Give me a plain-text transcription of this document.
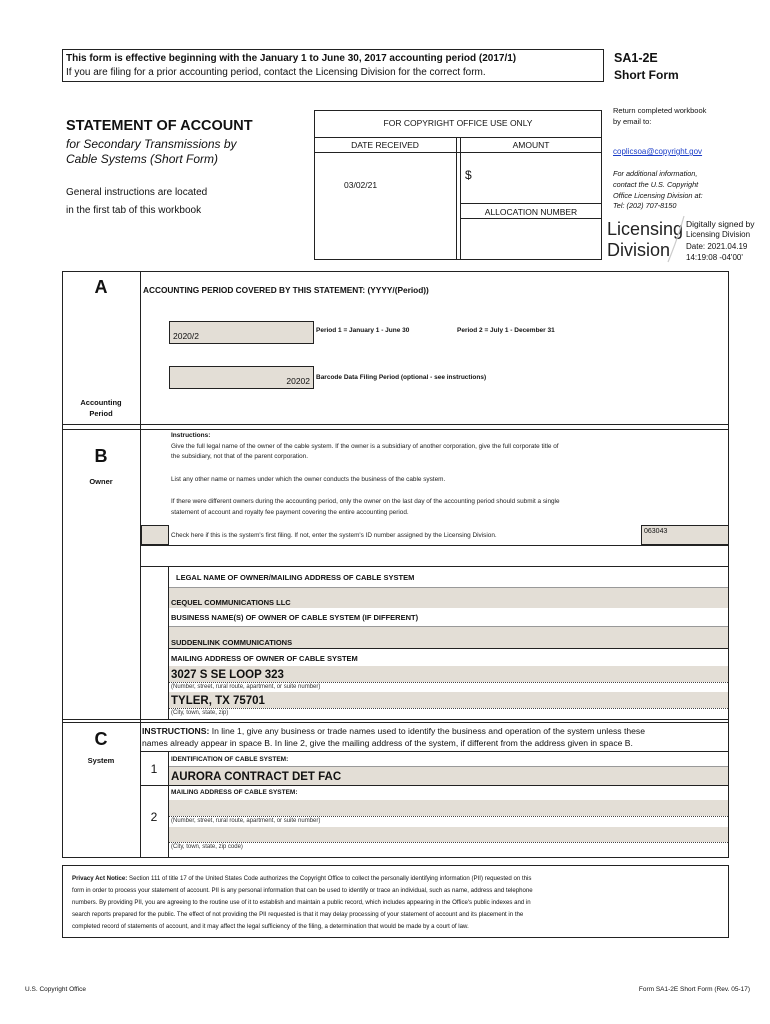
This form is effective beginning with the January 1 to June 30, 2017 accounting period (2017/1)
If you are filing for a prior accounting period, contact the Licensing Division for the correct form.
SA1-2E
Short Form
STATEMENT OF ACCOUNT
for Secondary Transmissions by
Cable Systems (Short Form)
General instructions are located
in the first tab of this workbook
FOR COPYRIGHT OFFICE USE ONLY
DATE RECEIVED	AMOUNT
03/02/21
$
ALLOCATION NUMBER
Return completed workbook
by email to:
coplicsoa@copyright.gov
For additional information,
contact the U.S. Copyright
Office Licensing Division at:
Tel: (202) 707-8150
Licensing
Division
Digitally signed by
Licensing Division
Date: 2021.04.19
14:19:08 -04'00'
A
Accounting
Period
ACCOUNTING PERIOD COVERED BY THIS STATEMENT: (YYYY/(Period))
2020/2
Period 1 = January 1 - June 30	Period 2 = July 1 - December 31
20202 Barcode Data Filing Period (optional - see instructions)
B
Owner
Instructions:
Give the full legal name of the owner of the cable system. If the owner is a subsidiary of another corporation, give the full corporate title of
the subsidiary, not that of the parent corporation.
List any other name or names under which the owner conducts the business of the cable system.
If there were different owners during the accounting period, only the owner on the last day of the accounting period should submit a single
statement of account and royalty fee payment covering the entire accounting period.
Check here if this is the system's first filing. If not, enter the system's ID number assigned by the Licensing Division.
063043
LEGAL NAME OF OWNER/MAILING ADDRESS OF CABLE SYSTEM
CEQUEL COMMUNICATIONS LLC
BUSINESS NAME(S) OF OWNER OF CABLE SYSTEM (IF DIFFERENT)
SUDDENLINK COMMUNICATIONS
MAILING ADDRESS OF OWNER OF CABLE SYSTEM
3027 S SE LOOP 323
(Number, street, rural route, apartment, or suite number)
TYLER, TX 75701
(City, town, state, zip)
C
System
INSTRUCTIONS: In line 1, give any business or trade names used to identify the business and operation of the system unless these
names already appear in space B. In line 2, give the mailing address of the system, if different from the address given in space B.
1
IDENTIFICATION OF CABLE SYSTEM:
AURORA CONTRACT DET FAC
MAILING ADDRESS OF CABLE SYSTEM:
2	(Number, street, rural route, apartment, or suite number)
(City, town, state, zip code)
Privacy Act Notice: Section 111 of title 17 of the United States Code authorizes the Copyright Office to collect the personally identifying information (PII) requested on this
form in order to process your statement of account. PII is any personal information that can be used to identify or trace an individual, such as name, address and telephone
numbers. By providing PII, you are agreeing to the routine use of it to establish and maintain a public record, which includes appearing in the Office's public indexes and in
search reports prepared for the public. The effect of not providing the PII requested is that it may delay processing of your statement of account and its placement in the
completed record of statements of account, and it may affect the legal sufficiency of the filing, a determination that would be made by a court of law.
U.S. Copyright Office	Form SA1-2E Short Form (Rev. 05-17)
